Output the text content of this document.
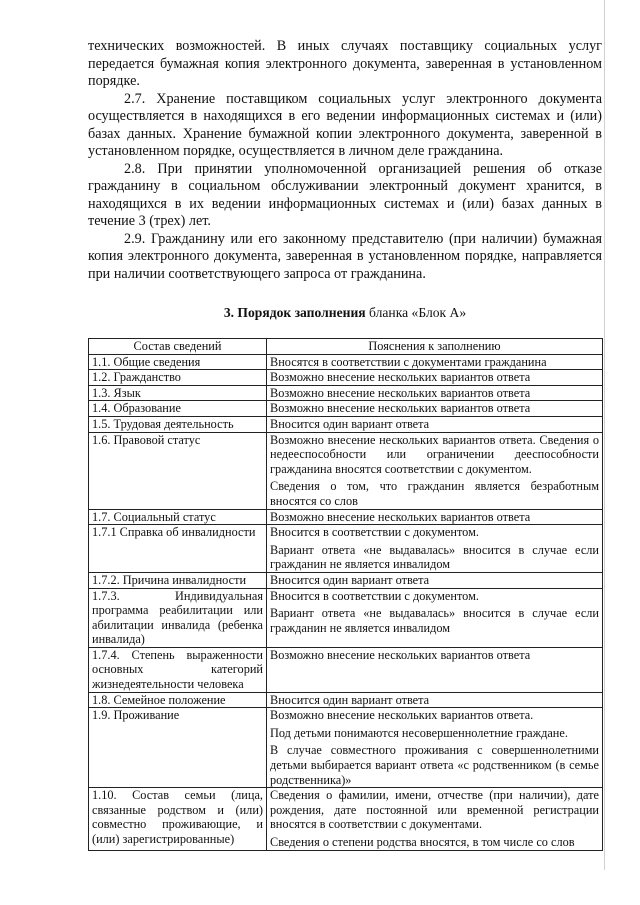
технических возможностей. В иных случаях поставщику социальных услуг передается бумажная копия электронного документа, заверенная в установленном порядке.

2.7. Хранение поставщиком социальных услуг электронного документа осуществляется в находящихся в его ведении информационных системах и (или) базах данных. Хранение бумажной копии электронного документа, заверенной в установленном порядке, осуществляется в личном деле гражданина.

2.8. При принятии уполномоченной организацией решения об отказе гражданину в социальном обслуживании электронный документ хранится, в находящихся в их ведении информационных системах и (или) базах данных в течение 3 (трех) лет.

2.9. Гражданину или его законному представителю (при наличии) бумажная копия электронного документа, заверенная в установленном порядке, направляется при наличии соответствующего запроса от гражданина.

3. Порядок заполнения бланка «Блок А»
Состав сведений	Пояснения к заполнению
1.1. Общие сведения	Вносятся в соответствии с документами гражданина

1.2. Гражданство	Возможно внесение нескольких вариантов ответа

1.3. Язык	Возможно внесение нескольких вариантов ответа

1.4. Образование	Возможно внесение нескольких вариантов ответа

1.5. Трудовая деятельность	Вносится один вариант ответа

1.6. Правовой статус	Возможно внесение нескольких вариантов ответа. Сведения о недееспособности или ограничении дееспособности гражданина вносятся соответствии с документом.
Сведения о том, что гражданин является безработным вносятся со слов

1.7. Социальный статус	Возможно внесение нескольких вариантов ответа

1.7.1 Справка об инвалидности	Вносится в соответствии с документом.
Вариант ответа «не выдавалась» вносится в случае если гражданин не является инвалидом

1.7.2. Причина инвалидности	Вносится один вариант ответа

1.7.3. Индивидуальная программа реабилитации или абилитации инвалида (ребенка инвалида)	Вносится в соответствии с документом.
Вариант ответа «не выдавалась» вносится в случае если гражданин не является инвалидом

1.7.4. Степень выраженности основных категорий жизнедеятельности человека	Возможно внесение нескольких вариантов ответа

1.8. Семейное положение	Вносится один вариант ответа

1.9. Проживание	Возможно внесение нескольких вариантов ответа.
Под детьми понимаются несовершеннолетние граждане.
В случае совместного проживания с совершеннолетними детьми выбирается вариант ответа «с родственником (в семье родственника)»

1.10. Состав семьи (лица, связанные родством и (или) совместно проживающие, и (или) зарегистрированные)	Сведения о фамилии, имени, отчестве (при наличии), дате рождения, дате постоянной или временной регистрации вносятся в соответствии с документами.
Сведения о степени родства вносятся, в том числе со слов
